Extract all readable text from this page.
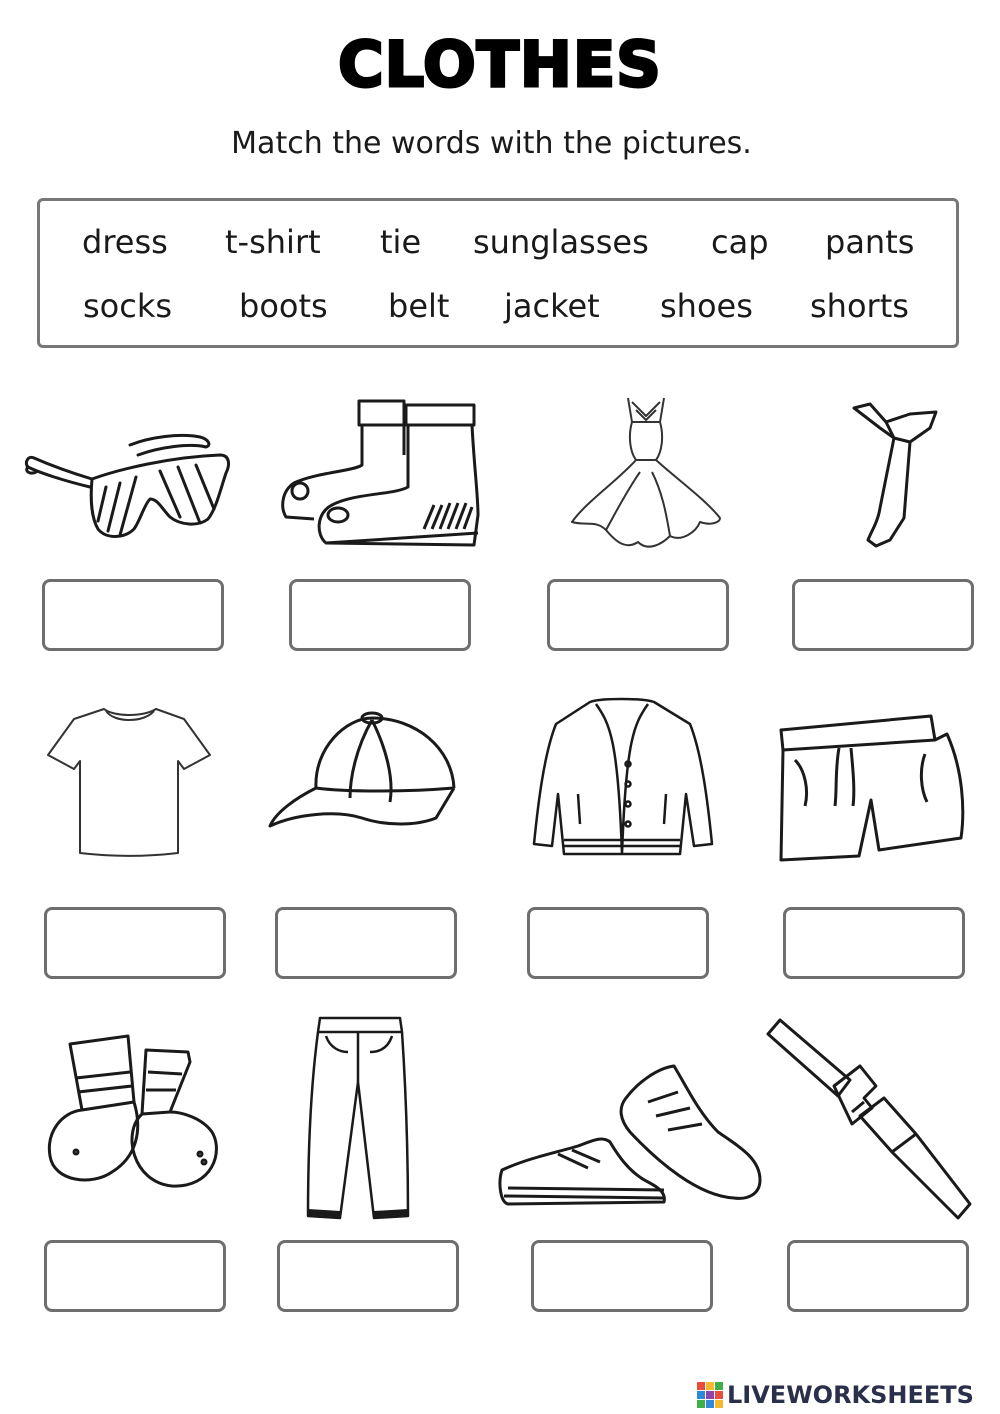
CLOTHES
Match the words with the pictures.
dress t-shirt tie sunglasses cap pants
socks boots belt jacket shoes shorts
LIVEWORKSHEETS
